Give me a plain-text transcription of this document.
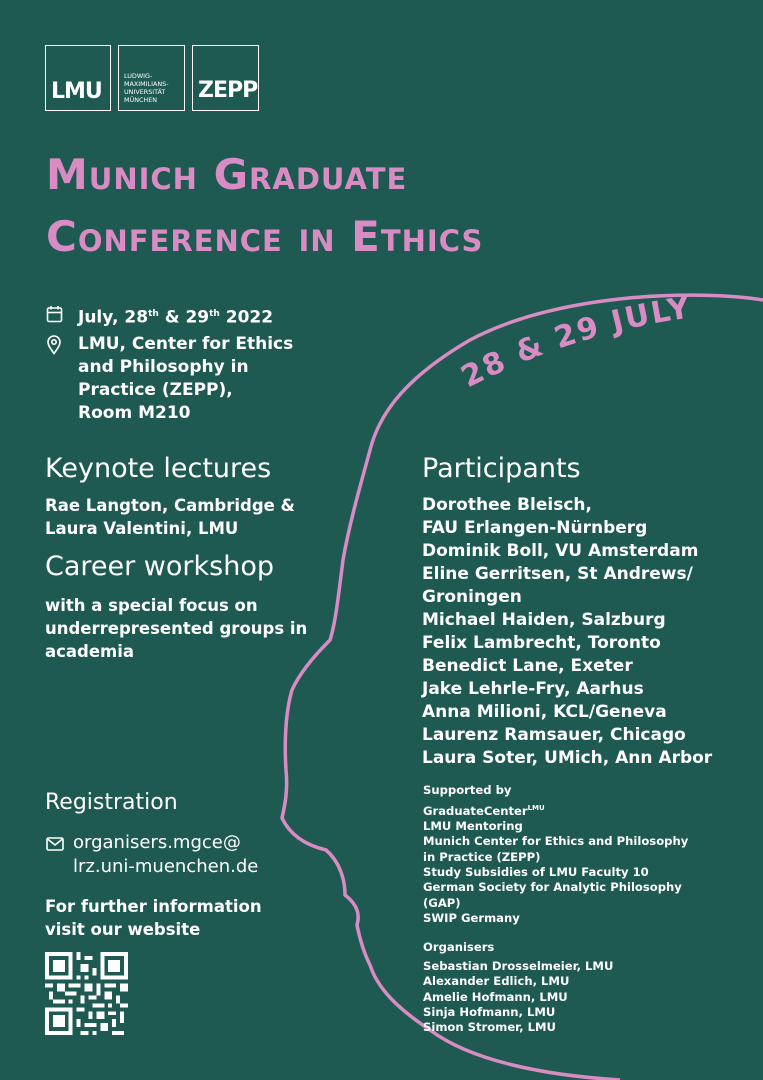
28 & 29 JULY
LMU
LUDWIG-
MAXIMILIANS-
UNIVERSITÄT
MÜNCHEN	ZEPP
Munich Graduate
Conference in Ethics
July, 28th & 29th 2022
LMU, Center for Ethics
and Philosophy in
Practice (ZEPP),
Room M210
Keynote lectures
Rae Langton, Cambridge &
Laura Valentini, LMU
Career workshop
with a special focus on
underrepresented groups in
academia
Registration
organisers.mgce@
lrz.uni-muenchen.de
For further information
visit our website
Participants
Dorothee Bleisch,
FAU Erlangen-Nürnberg
Dominik Boll, VU Amsterdam
Eline Gerritsen, St Andrews/
Groningen
Michael Haiden, Salzburg
Felix Lambrecht, Toronto
Benedict Lane, Exeter
Jake Lehrle-Fry, Aarhus
Anna Milioni, KCL/Geneva
Laurenz Ramsauer, Chicago
Laura Soter, UMich, Ann Arbor
Supported by
GraduateCenter$^{LMU}$
LMU Mentoring
Munich Center for Ethics and Philosophy
in Practice (ZEPP)
Study Subsidies of LMU Faculty 10
German Society for Analytic Philosophy
(GAP)
SWIP Germany
Organisers
Sebastian Drosselmeier, LMU
Alexander Edlich, LMU
Amelie Hofmann, LMU
Sinja Hofmann, LMU
Simon Stromer, LMU
